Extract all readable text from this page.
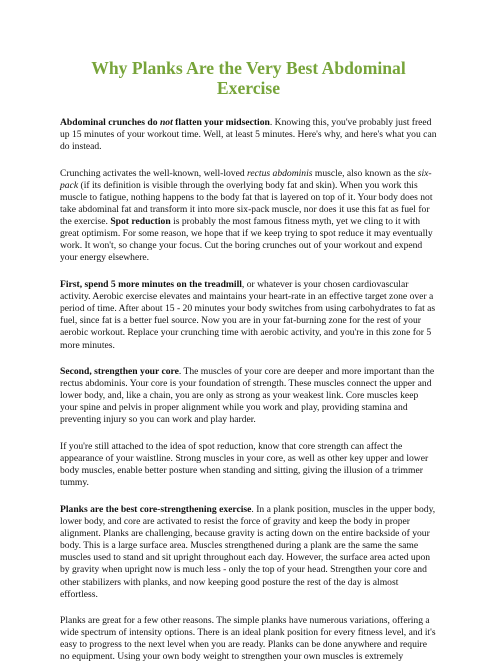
Why Planks Are the Very Best Abdominal Exercise

Abdominal crunches do not flatten your midsection. Knowing this, you've probably just freed up 15 minutes of your workout time. Well, at least 5 minutes. Here's why, and here's what you can do instead.

Crunching activates the well-known, well-loved rectus abdominis muscle, also known as the six-pack (if its definition is visible through the overlying body fat and skin). When you work this muscle to fatigue, nothing happens to the body fat that is layered on top of it. Your body does not take abdominal fat and transform it into more six-pack muscle, nor does it use this fat as fuel for the exercise. Spot reduction is probably the most famous fitness myth, yet we cling to it with great optimism. For some reason, we hope that if we keep trying to spot reduce it may eventually work. It won't, so change your focus. Cut the boring crunches out of your workout and expend your energy elsewhere.

First, spend 5 more minutes on the treadmill, or whatever is your chosen cardiovascular activity. Aerobic exercise elevates and maintains your heart-rate in an effective target zone over a period of time. After about 15 - 20 minutes your body switches from using carbohydrates to fat as fuel, since fat is a better fuel source. Now you are in your fat-burning zone for the rest of your aerobic workout. Replace your crunching time with aerobic activity, and you're in this zone for 5 more minutes.

Second, strengthen your core. The muscles of your core are deeper and more important than the rectus abdominis. Your core is your foundation of strength. These muscles connect the upper and lower body, and, like a chain, you are only as strong as your weakest link. Core muscles keep your spine and pelvis in proper alignment while you work and play, providing stamina and preventing injury so you can work and play harder.

If you're still attached to the idea of spot reduction, know that core strength can affect the appearance of your waistline. Strong muscles in your core, as well as other key upper and lower body muscles, enable better posture when standing and sitting, giving the illusion of a trimmer tummy.

Planks are the best core-strengthening exercise. In a plank position, muscles in the upper body, lower body, and core are activated to resist the force of gravity and keep the body in proper alignment. Planks are challenging, because gravity is acting down on the entire backside of your body. This is a large surface area. Muscles strengthened during a plank are the same the same muscles used to stand and sit upright throughout each day. However, the surface area acted upon by gravity when upright now is much less - only the top of your head. Strengthen your core and other stabilizers with planks, and now keeping good posture the rest of the day is almost effortless.

Planks are great for a few other reasons. The simple planks have numerous variations, offering a wide spectrum of intensity options. There is an ideal plank position for every fitness level, and it's easy to progress to the next level when you are ready. Planks can be done anywhere and require no equipment. Using your own body weight to strengthen your own muscles is extremely
